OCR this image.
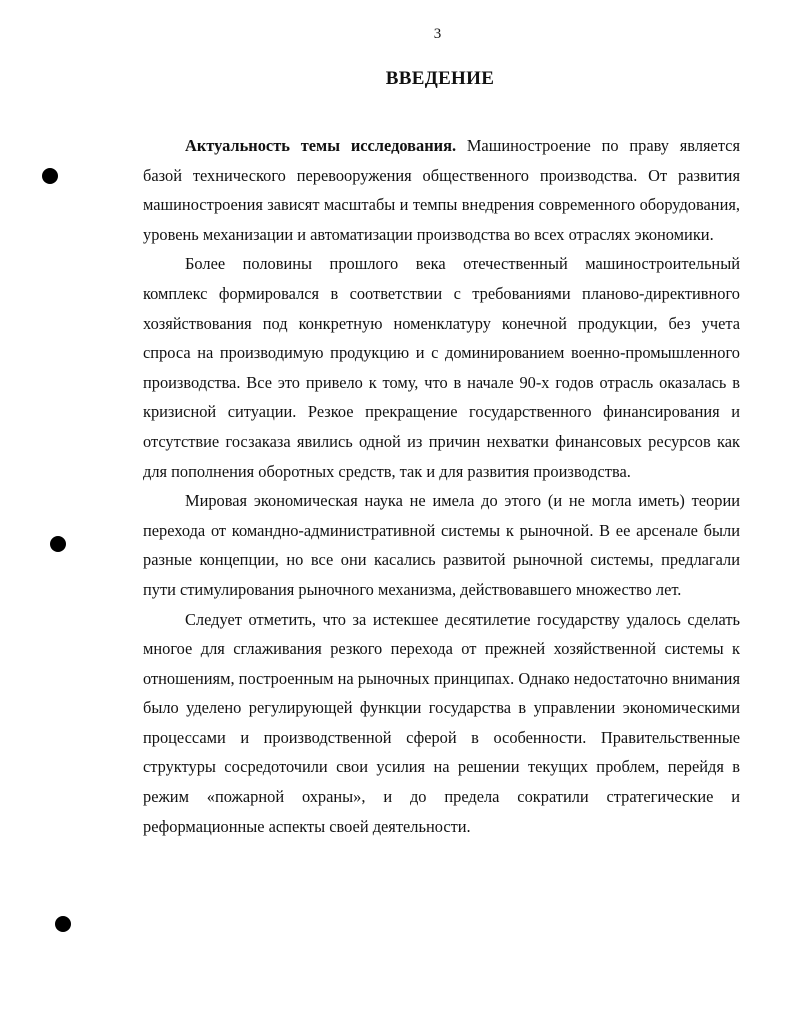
3
ВВЕДЕНИЕ

Актуальность темы исследования. Машиностроение по праву является базой технического перевооружения общественного производства. От развития машиностроения зависят масштабы и темпы внедрения современного оборудования, уровень механизации и автоматизации производства во всех отраслях экономики.

Более половины прошлого века отечественный машиностроительный комплекс формировался в соответствии с требованиями планово-директивного хозяйствования под конкретную номенклатуру конечной продукции, без учета спроса на производимую продукцию и с доминированием военно-промышленного производства. Все это привело к тому, что в начале 90-х годов отрасль оказалась в кризисной ситуации. Резкое прекращение государственного финансирования и отсутствие госзаказа явились одной из причин нехватки финансовых ресурсов как для пополнения оборотных средств, так и для развития производства.

Мировая экономическая наука не имела до этого (и не могла иметь) теории перехода от командно-административной системы к рыночной. В ее арсенале были разные концепции, но все они касались развитой рыночной системы, предлагали пути стимулирования рыночного механизма, действовавшего множество лет.

Следует отметить, что за истекшее десятилетие государству удалось сделать многое для сглаживания резкого перехода от прежней хозяйственной системы к отношениям, построенным на рыночных принципах. Однако недостаточно внимания было уделено регулирующей функции государства в управлении экономическими процессами и производственной сферой в особенности. Правительственные структуры сосредоточили свои усилия на решении текущих проблем, перейдя в режим «пожарной охраны», и до предела сократили стратегические и реформационные аспекты своей деятельности.
